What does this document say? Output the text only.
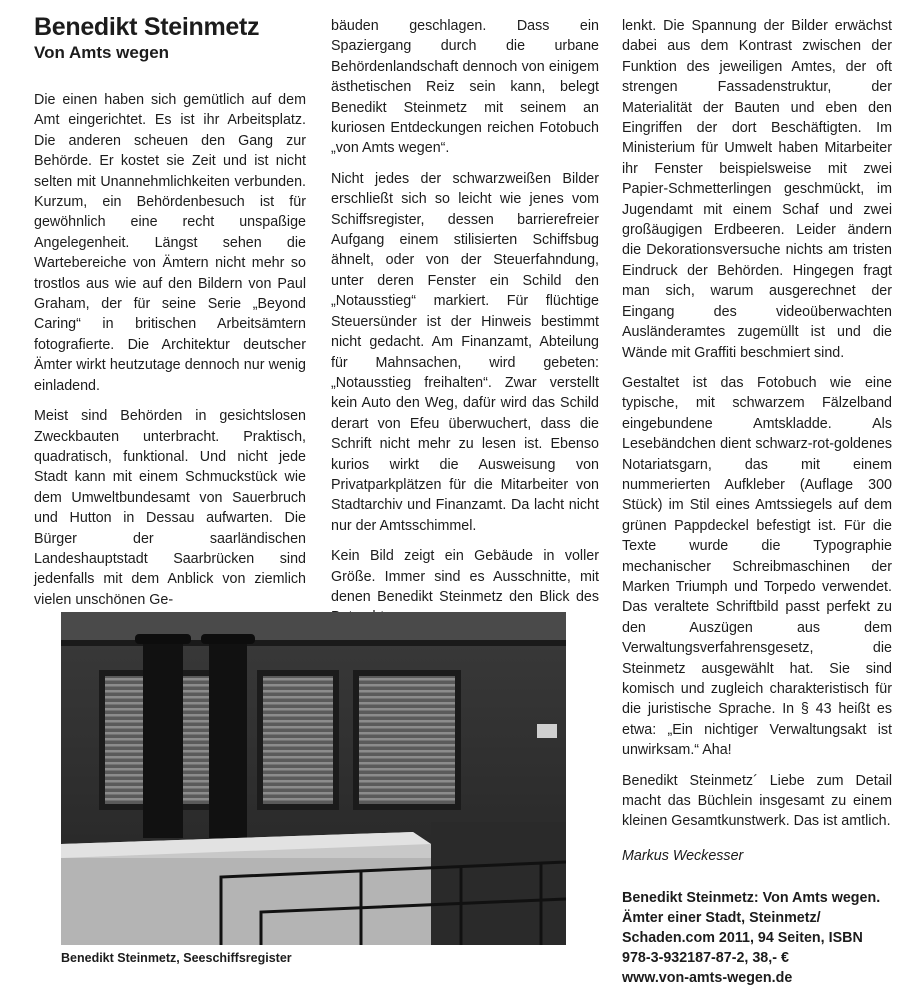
Benedikt Steinmetz
Von Amts wegen

Die einen haben sich gemütlich auf dem Amt eingerichtet. Es ist ihr Arbeitsplatz. Die anderen scheuen den Gang zur Behörde. Er kostet sie Zeit und ist nicht selten mit Unannehmlichkeiten verbunden. Kurzum, ein Behördenbesuch ist für gewöhnlich eine recht unspaßige Angelegenheit. Längst sehen die Wartebereiche von Ämtern nicht mehr so trostlos aus wie auf den Bildern von Paul Graham, der für seine Serie „Beyond Caring“ in britischen Arbeitsämtern fotografierte. Die Architektur deutscher Ämter wirkt heutzutage dennoch nur wenig einladend.

Meist sind Behörden in gesichtslosen Zweckbauten unterbracht. Praktisch, quadratisch, funktional. Und nicht jede Stadt kann mit einem Schmuckstück wie dem Umweltbundesamt von Sauerbruch und Hutton in Dessau aufwarten. Die Bürger der saarländischen Landeshauptstadt Saarbrücken sind jedenfalls mit dem Anblick von ziemlich vielen unschönen Ge-

bäuden geschlagen. Dass ein Spaziergang durch die urbane Behördenlandschaft dennoch von einigem ästhetischen Reiz sein kann, belegt Benedikt Steinmetz mit seinem an kuriosen Entdeckungen reichen Fotobuch „von Amts wegen“.

Nicht jedes der schwarzweißen Bilder erschließt sich so leicht wie jenes vom Schiffsregister, dessen barrierefreier Aufgang einem stilisierten Schiffsbug ähnelt, oder von der Steuerfahndung, unter deren Fenster ein Schild den „Notausstieg“ markiert. Für flüchtige Steuersünder ist der Hinweis bestimmt nicht gedacht. Am Finanzamt, Abteilung für Mahnsachen, wird gebeten: „Notausstieg freihalten“. Zwar verstellt kein Auto den Weg, dafür wird das Schild derart von Efeu überwuchert, dass die Schrift nicht mehr zu lesen ist. Ebenso kurios wirkt die Ausweisung von Privatparkplätzen für die Mitarbeiter von Stadtarchiv und Finanzamt. Da lacht nicht nur der Amtsschimmel.

Kein Bild zeigt ein Gebäude in voller Größe. Immer sind es Ausschnitte, mit denen Benedikt Steinmetz den Blick des

lenkt. Die Spannung der Bilder erwächst dabei aus dem Kontrast zwischen der Funktion des jeweiligen Amtes, der oft strengen Fassadenstruktur, der Materialität der Bauten und eben den Eingriffen der dort Beschäftigten. Im Ministerium für Umwelt haben Mitarbeiter ihr Fenster beispielsweise mit zwei Papier-Schmetterlingen geschmückt, im Jugendamt mit einem Schaf und zwei großäugigen Erdbeeren. Leider ändern die Dekorationsversuche nichts am tristen Eindruck der Behörden. Hingegen fragt man sich, warum ausgerechnet der Eingang des videoüberwachten Ausländeramtes zugemüllt ist und die Wände mit Graffiti beschmiert sind.

Gestaltet ist das Fotobuch wie eine typische, mit schwarzem Fälzelband eingebundene Amtskladde. Als Lesebändchen dient schwarz-rot-goldenes Notariatsgarn, das mit einem nummerierten Aufkleber (Auflage 300 Stück) im Stil eines Amtssiegels auf dem grünen Pappdeckel befestigt ist. Für die Texte wurde die Typographie mechanischer Schreibmaschinen der Marken Triumph und Torpedo verwendet. Das veraltete Schriftbild passt perfekt zu den Auszügen aus dem Verwaltungsverfahrensgesetz, die Steinmetz ausgewählt hat. Sie sind komisch und zugleich charakteristisch für die juristische Sprache. In § 43 heißt es etwa: „Ein nichtiger Verwaltungsakt ist unwirksam.“ Aha!

Benedikt Steinmetz´ Liebe zum Detail macht das Büchlein insgesamt zu einem kleinen Gesamtkunstwerk. Das ist amtlich.

Markus Weckesser

Benedikt Steinmetz: Von Amts wegen. Ämter einer Stadt, Steinmetz/ Schaden.com 2011, 94 Seiten, ISBN 978-3-932187-87-2, 38,- €

www.von-amts-wegen.de

Benedikt Steinmetz, Seeschiffsregister
